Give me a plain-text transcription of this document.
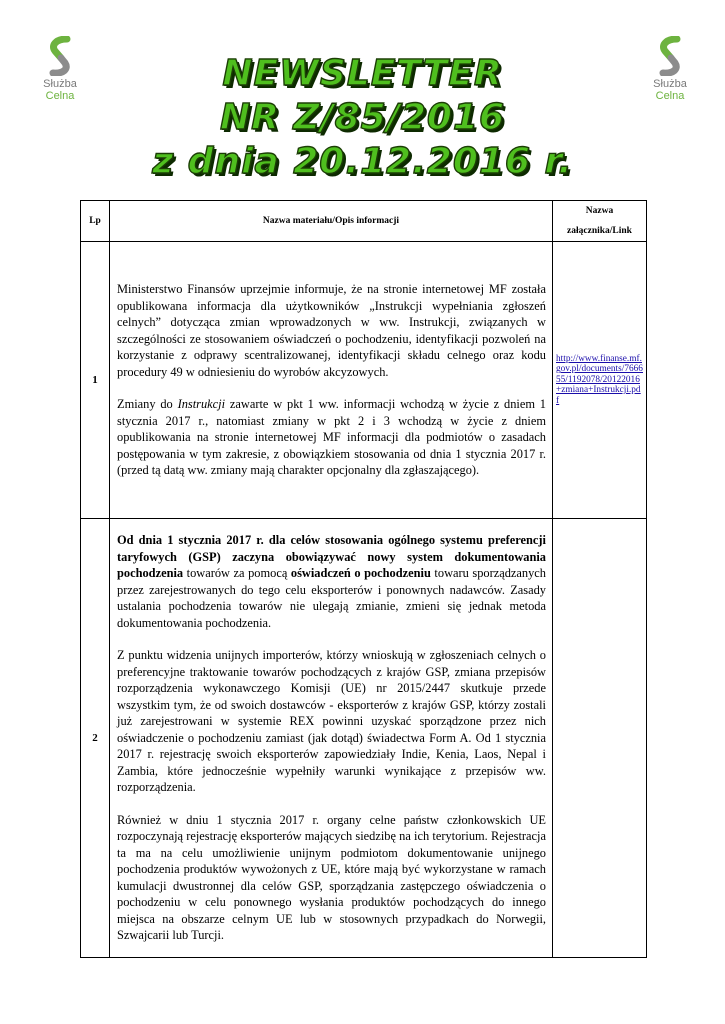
Służba
Celna
Służba
Celna
NEWSLETTER
NR Z/85/2016
z dnia 20.12.2016 r.
Lp	Nazwa materiału/Opis informacji	Nazwa
załącznika/Link
1	Ministerstwo Finansów uprzejmie informuje, że na stronie internetowej MF została opublikowana informacja dla użytkowników „Instrukcji wypełniania zgłoszeń celnych” dotycząca zmian wprowadzonych w ww. Instrukcji, związanych w szczególności ze stosowaniem oświadczeń o pochodzeniu, identyfikacji pozwoleń na korzystanie z odprawy scentralizowanej, identyfikacji składu celnego oraz kodu procedury 49 w odniesieniu do wyrobów akcyzowych.

Zmiany do Instrukcji zawarte w pkt 1 ww. informacji wchodzą w życie z dniem 1 stycznia 2017 r., natomiast zmiany w pkt 2 i 3 wchodzą w życie z dniem opublikowania na stronie internetowej MF informacji dla podmiotów o zasadach postępowania w tym zakresie, z obowiązkiem stosowania od dnia 1 stycznia 2017 r. (przed tą datą ww. zmiany mają charakter opcjonalny dla zgłaszającego).	http://www.finanse.mf.gov.pl/documents/766655/1192078/20122016+zmiana+Instrukcji.pdf
2	Od dnia 1 stycznia 2017 r. dla celów stosowania ogólnego systemu preferencji taryfowych (GSP) zaczyna obowiązywać nowy system dokumentowania pochodzenia towarów za pomocą oświadczeń o pochodzeniu towaru sporządzanych przez zarejestrowanych do tego celu eksporterów i ponownych nadawców. Zasady ustalania pochodzenia towarów nie ulegają zmianie, zmieni się jednak metoda dokumentowania pochodzenia.

Z punktu widzenia unijnych importerów, którzy wnioskują w zgłoszeniach celnych o preferencyjne traktowanie towarów pochodzących z krajów GSP, zmiana przepisów rozporządzenia wykonawczego Komisji (UE) nr 2015/2447 skutkuje przede wszystkim tym, że od swoich dostawców - eksporterów z krajów GSP, którzy zostali już zarejestrowani w systemie REX powinni uzyskać sporządzone przez nich oświadczenie o pochodzeniu zamiast (jak dotąd) świadectwa Form A. Od 1 stycznia 2017 r. rejestrację swoich eksporterów zapowiedziały Indie, Kenia, Laos, Nepal i Zambia, które jednocześnie wypełniły warunki wynikające z przepisów ww. rozporządzenia.

Również w dniu 1 stycznia 2017 r. organy celne państw członkowskich UE rozpoczynają rejestrację eksporterów mających siedzibę na ich terytorium. Rejestracja ta ma na celu umożliwienie unijnym podmiotom dokumentowanie unijnego pochodzenia produktów wywożonych z UE, które mają być wykorzystane w ramach kumulacji dwustronnej dla celów GSP, sporządzania zastępczego oświadczenia o pochodzeniu w celu ponownego wysłania produktów pochodzących do innego miejsca na obszarze celnym UE lub w stosownych przypadkach do Norwegii, Szwajcarii lub Turcji.	
